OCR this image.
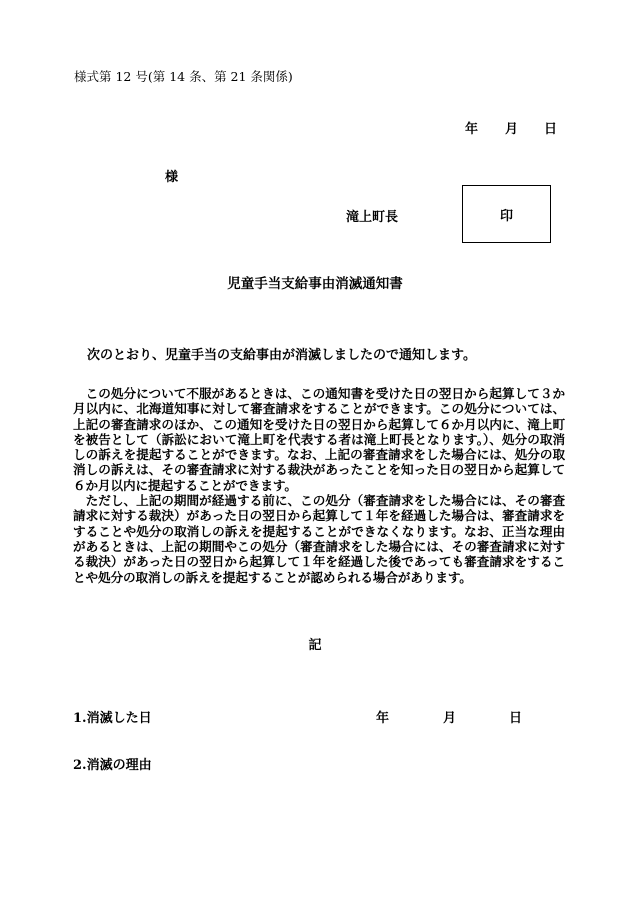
様式第 12 号(第 14 条、第 21 条関係)
年 月 日
様
滝上町長	印
児童手当支給事由消滅通知書
次のとおり、児童手当の支給事由が消滅しましたので通知します。

この処分について不服があるときは、この通知書を受けた日の翌日から起算して３か月以内に、北海道知事に対して審査請求をすることができます。この処分については、上記の審査請求のほか、この通知を受けた日の翌日から起算して６か月以内に、滝上町を被告として（訴訟において滝上町を代表する者は滝上町長となります。）、処分の取消しの訴えを提起することができます。なお、上記の審査請求をした場合には、処分の取消しの訴えは、その審査請求に対する裁決があったことを知った日の翌日から起算して６か月以内に提起することができます。

ただし、上記の期間が経過する前に、この処分（審査請求をした場合には、その審査請求に対する裁決）があった日の翌日から起算して１年を経過した場合は、審査請求をすることや処分の取消しの訴えを提起することができなくなります。なお、正当な理由があるときは、上記の期間やこの処分（審査請求をした場合には、その審査請求に対する裁決）があった日の翌日から起算して１年を経過した後であっても審査請求をすることや処分の取消しの訴えを提起することが認められる場合があります。

記
1.消滅した日	年	月	日
2.消滅の理由
